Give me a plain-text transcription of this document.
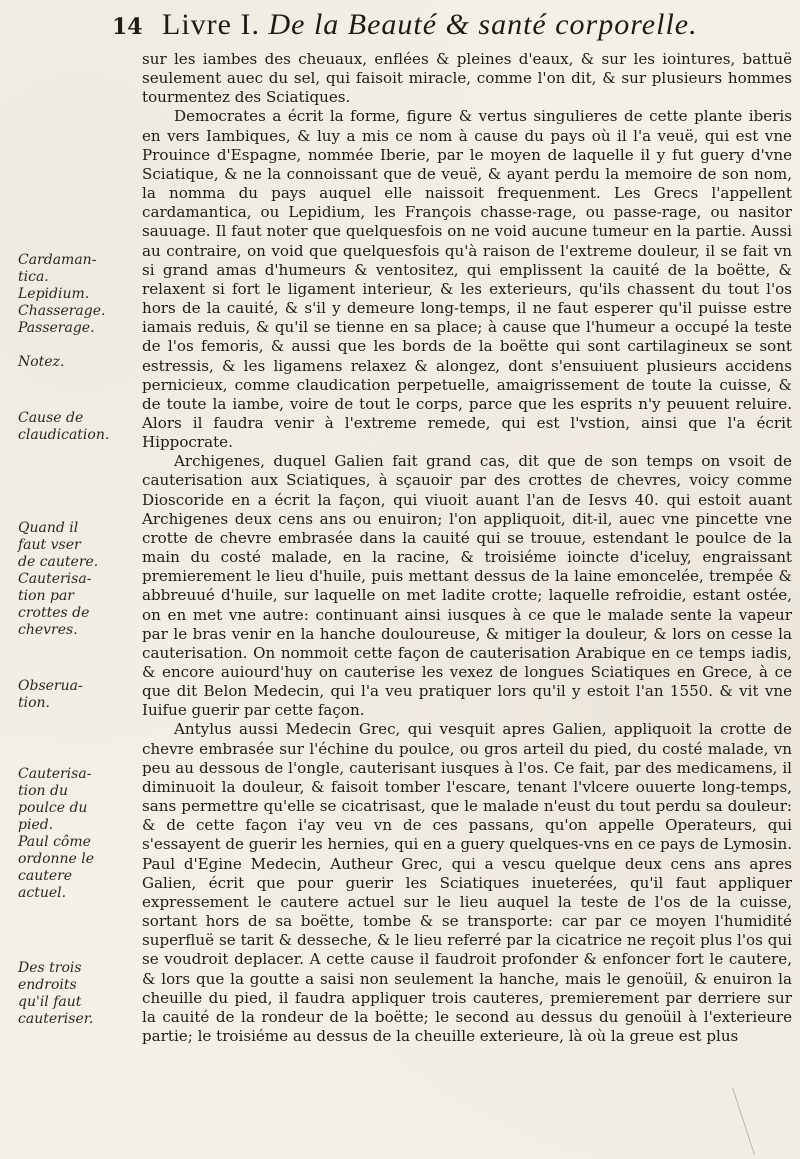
14 Livre I. De la Beauté & santé corporelle.
Cardaman-
tica.
Lepidium.
Chasserage.
Passerage.
Notez.
Cause de
claudication.
Quand il
faut vser
de cautere.
Cauterisa-
tion par
crottes de
chevres.
Obserua-
tion.
Cauterisa-
tion du
poulce du
pied.
Paul côme
ordonne le
cautere
actuel.
Des trois
endroits
qu'il faut
cauteriser.

sur les iambes des cheuaux, enflées & pleines d'eaux, & sur les iointures, battuë seulement auec du sel, qui faisoit miracle, comme l'on dit, & sur plusieurs hommes tourmentez des Sciatiques.

Democrates a écrit la forme, figure & vertus singulieres de cette plante iberis en vers Iambiques, & luy a mis ce nom à cause du pays où il l'a veuë, qui est vne Prouince d'Espagne, nommée Iberie, par le moyen de laquelle il y fut guery d'vne Sciatique, & ne la connoissant que de veuë, & ayant perdu la memoire de son nom, la nomma du pays auquel elle naissoit frequenment. Les Grecs l'appellent cardamantica, ou Lepidium, les François chasse-rage, ou passe-rage, ou nasitor sauuage. Il faut noter que quelquesfois on ne void aucune tumeur en la partie. Aussi au contraire, on void que quelquesfois qu'à raison de l'extreme douleur, il se fait vn si grand amas d'humeurs & ventositez, qui emplissent la cauité de la boëtte, & relaxent si fort le ligament interieur, & les exterieurs, qu'ils chassent du tout l'os hors de la cauité, & s'il y demeure long-temps, il ne faut esperer qu'il puisse estre iamais reduis, & qu'il se tienne en sa place; à cause que l'humeur a occupé la teste de l'os femoris, & aussi que les bords de la boëtte qui sont cartilagineux se sont estressis, & les ligamens relaxez & alongez, dont s'ensuiuent plusieurs accidens pernicieux, comme claudication perpetuelle, amaigrissement de toute la cuisse, & de toute la iambe, voire de tout le corps, parce que les esprits n'y peuuent reluire. Alors il faudra venir à l'extreme remede, qui est l'vstion, ainsi que l'a écrit Hippocrate.

Archigenes, duquel Galien fait grand cas, dit que de son temps on vsoit de cauterisation aux Sciatiques, à sçauoir par des crottes de chevres, voicy comme Dioscoride en a écrit la façon, qui viuoit auant l'an de Iesvs 40. qui estoit auant Archigenes deux cens ans ou enuiron; l'on appliquoit, dit-il, auec vne pincette vne crotte de chevre embrasée dans la cauité qui se trouue, estendant le poulce de la main du costé malade, en la racine, & troisiéme ioincte d'iceluy, engraissant premierement le lieu d'huile, puis mettant dessus de la laine emoncelée, trempée & abbreuué d'huile, sur laquelle on met ladite crotte; laquelle refroidie, estant ostée, on en met vne autre: continuant ainsi iusques à ce que le malade sente la vapeur par le bras venir en la hanche douloureuse, & mitiger la douleur, & lors on cesse la cauterisation. On nommoit cette façon de cauterisation Arabique en ce temps iadis, & encore auiourd'huy on cauterise les vexez de longues Sciatiques en Grece, à ce que dit Belon Medecin, qui l'a veu pratiquer lors qu'il y estoit l'an 1550. & vit vne Iuifue guerir par cette façon.

Antylus aussi Medecin Grec, qui vesquit apres Galien, appliquoit la crotte de chevre embrasée sur l'échine du poulce, ou gros arteil du pied, du costé malade, vn peu au dessous de l'ongle, cauterisant iusques à l'os. Ce fait, par des medicamens, il diminuoit la douleur, & faisoit tomber l'escare, tenant l'vlcere ouuerte long-temps, sans permettre qu'elle se cicatrisast, que le malade n'eust du tout perdu sa douleur: & de cette façon i'ay veu vn de ces passans, qu'on appelle Operateurs, qui s'essayent de guerir les hernies, qui en a guery quelques-vns en ce pays de Lymosin. Paul d'Egine Medecin, Autheur Grec, qui a vescu quelque deux cens ans apres Galien, écrit que pour guerir les Sciatiques inueterées, qu'il faut appliquer expressement le cautere actuel sur le lieu auquel la teste de l'os de la cuisse, sortant hors de sa boëtte, tombe & se transporte: car par ce moyen l'humidité superfluë se tarit & desseche, & le lieu referré par la cicatrice ne reçoit plus l'os qui se voudroit deplacer. A cette cause il faudroit profonder & enfoncer fort le cautere, & lors que la goutte a saisi non seulement la hanche, mais le genoüil, & enuiron la cheuille du pied, il faudra appliquer trois cauteres, premierement par derriere sur la cauité de la rondeur de la boëtte; le second au dessus du genoüil à l'exterieure partie; le troisiéme au dessus de la cheuille exterieure, là où la greue est plus
